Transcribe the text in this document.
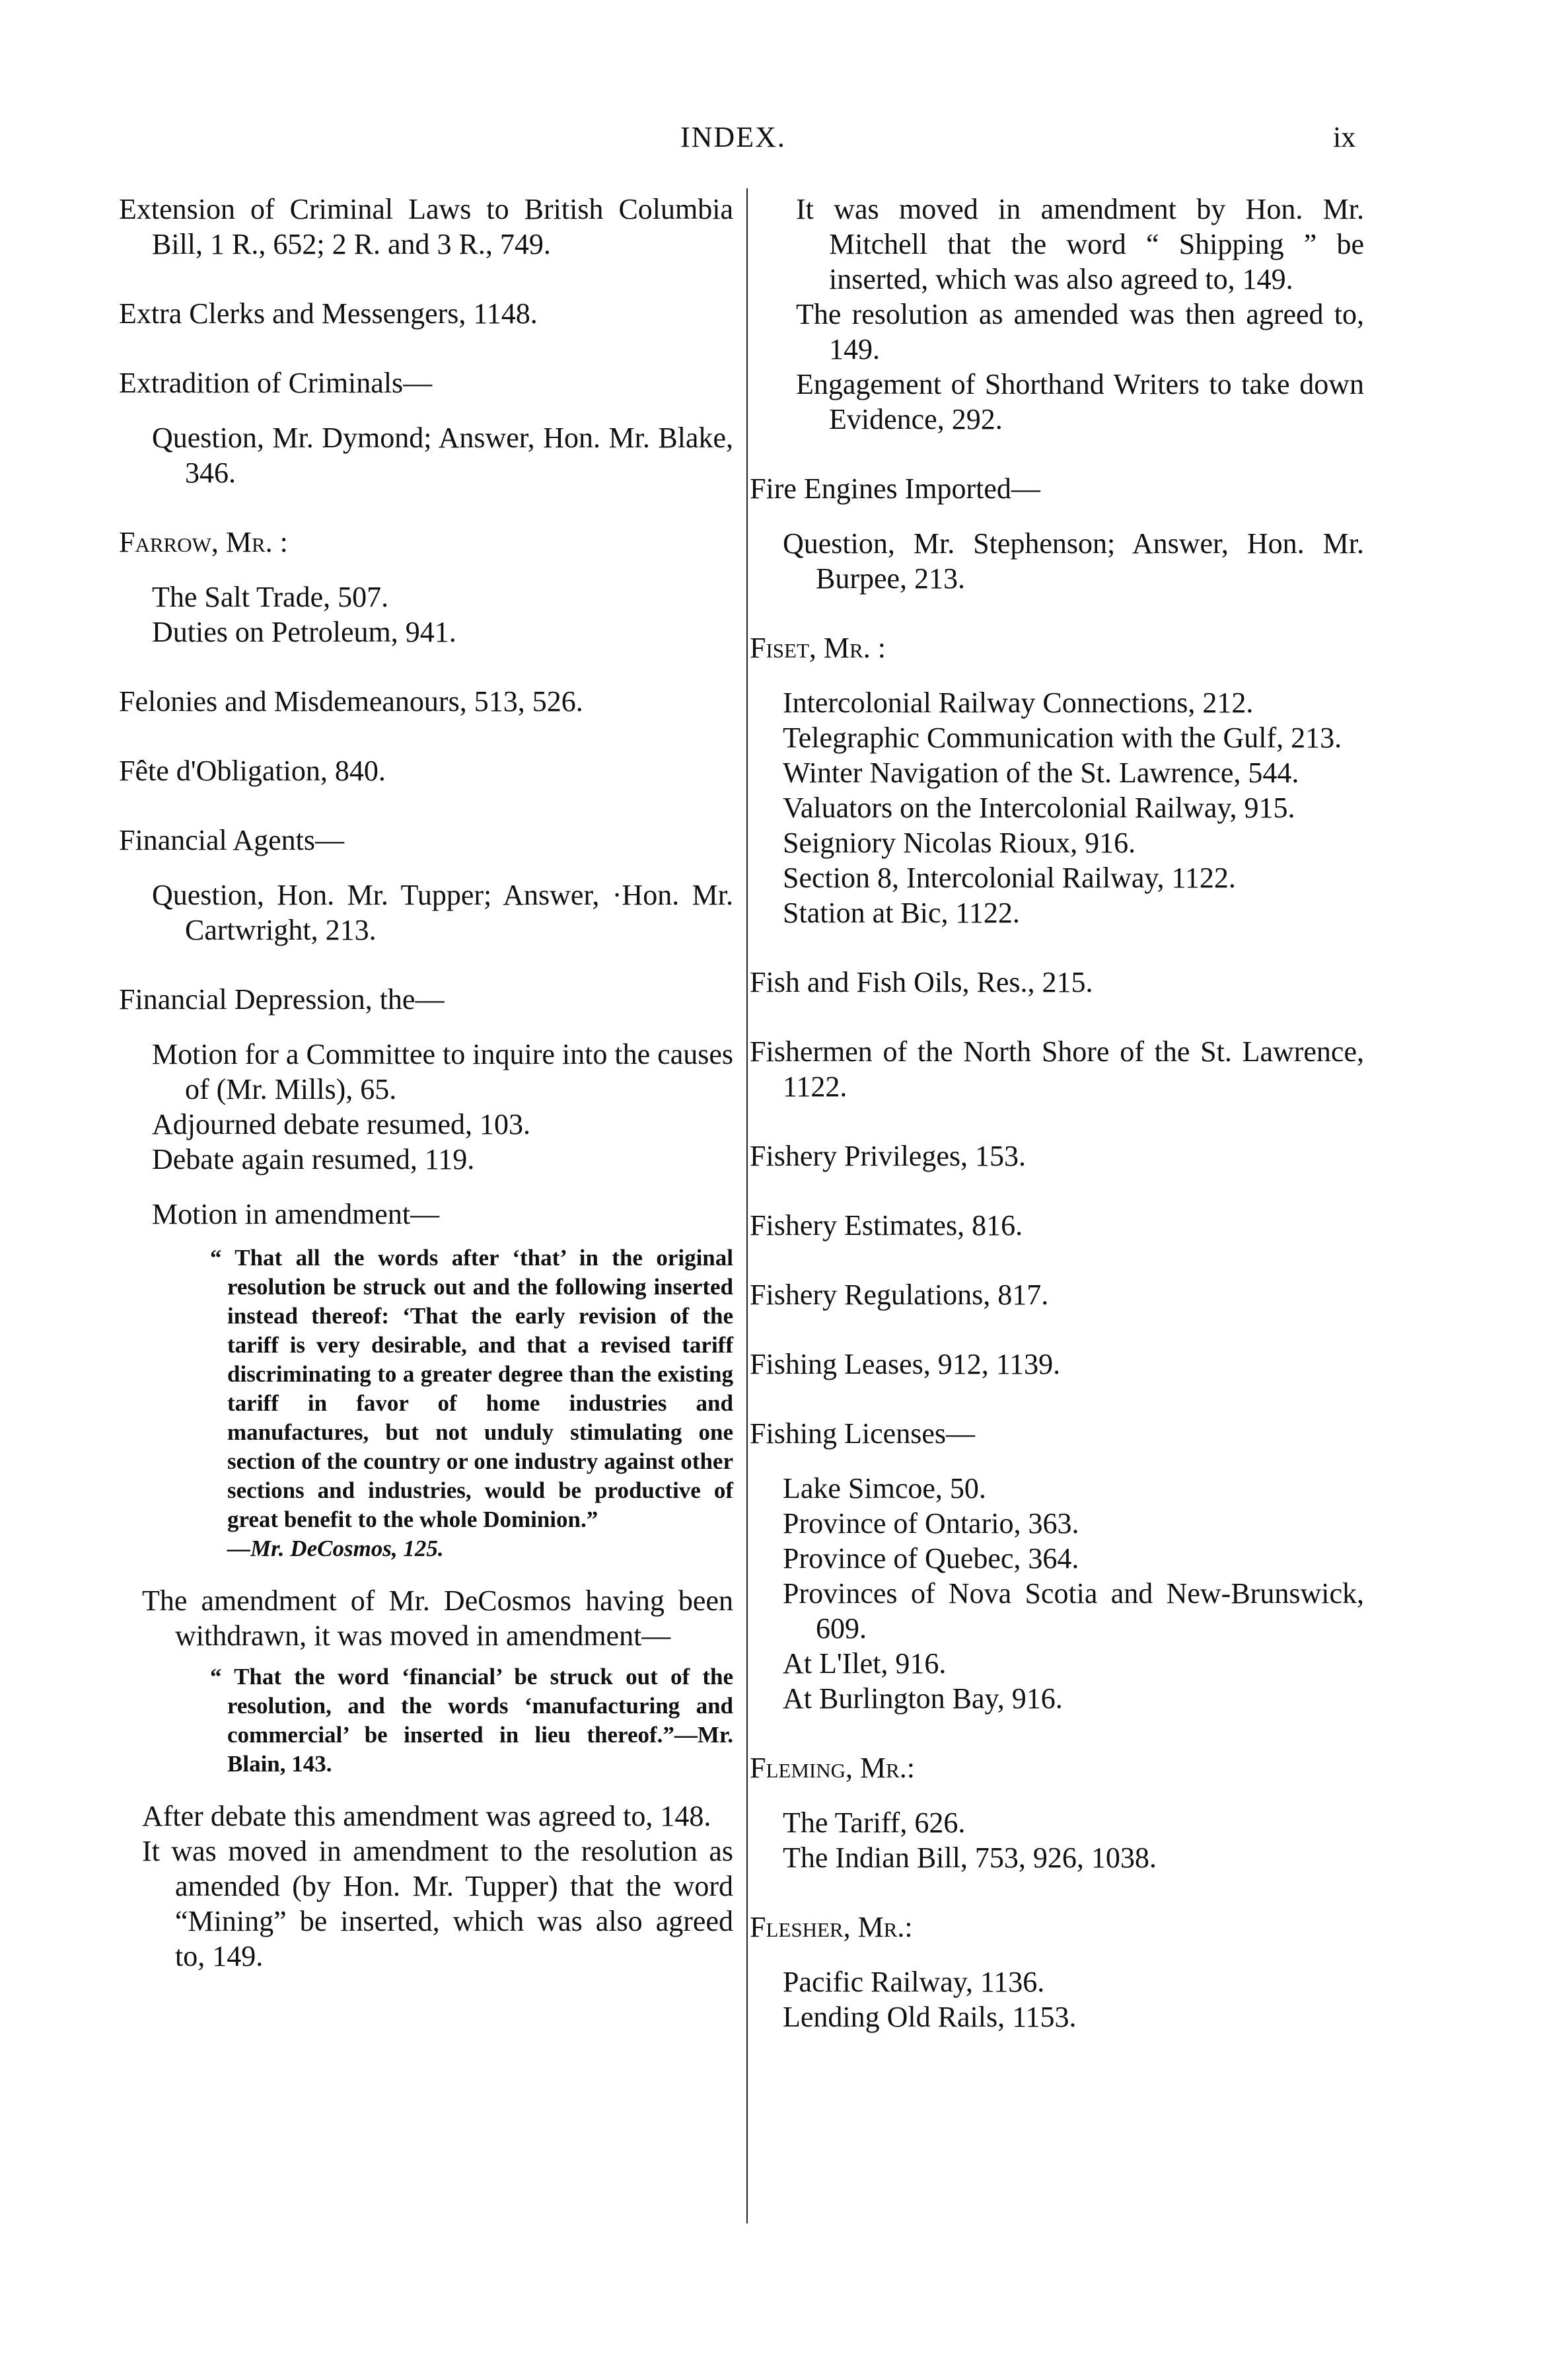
INDEX.	ix
Extension of Criminal Laws to British Columbia Bill, 1 R., 652; 2 R. and 3 R., 749.
Extra Clerks and Messengers, 1148.
Extradition of Criminals—
Question, Mr. Dymond; Answer, Hon. Mr. Blake, 346.
Farrow, Mr. :
The Salt Trade, 507.
Duties on Petroleum, 941.
Felonies and Misdemeanours, 513, 526.
Fête d'Obligation, 840.
Financial Agents—
Question, Hon. Mr. Tupper; Answer, ·Hon. Mr. Cartwright, 213.
Financial Depression, the—
Motion for a Committee to inquire into the causes of (Mr. Mills), 65.
Adjourned debate resumed, 103.
Debate again resumed, 119.
Motion in amendment—
“ That all the words after ‘that’ in the original resolution be struck out and the following inserted instead thereof: ‘That the early revision of the tariff is very desirable, and that a revised tariff discriminating to a greater degree than the existing tariff in favor of home industries and manufactures, but not unduly stimulating one section of the country or one industry against other sections and industries, would be productive of great benefit to the whole Dominion.”
—Mr. DeCosmos, 125.
The amendment of Mr. DeCosmos having been withdrawn, it was moved in amendment—
“ That the word ‘financial’ be struck out of the resolution, and the words ‘manufacturing and commercial’ be inserted in lieu thereof.”—Mr. Blain, 143.
After debate this amendment was agreed to, 148.
It was moved in amendment to the resolution as amended (by Hon. Mr. Tupper) that the word “Mining” be inserted, which was also agreed to, 149.
It was moved in amendment by Hon. Mr. Mitchell that the word “ Shipping ” be inserted, which was also agreed to, 149.
The resolution as amended was then agreed to, 149.
Engagement of Shorthand Writers to take down Evidence, 292.
Fire Engines Imported—
Question, Mr. Stephenson; Answer, Hon. Mr. Burpee, 213.
Fiset, Mr. :
Intercolonial Railway Connections, 212.
Telegraphic Communication with the Gulf, 213.
Winter Navigation of the St. Lawrence, 544.
Valuators on the Intercolonial Railway, 915.
Seigniory Nicolas Rioux, 916.
Section 8, Intercolonial Railway, 1122.
Station at Bic, 1122.
Fish and Fish Oils, Res., 215.
Fishermen of the North Shore of the St. Lawrence, 1122.
Fishery Privileges, 153.
Fishery Estimates, 816.
Fishery Regulations, 817.
Fishing Leases, 912, 1139.
Fishing Licenses—
Lake Simcoe, 50.
Province of Ontario, 363.
Province of Quebec, 364.
Provinces of Nova Scotia and New-Brunswick, 609.
At L'Ilet, 916.
At Burlington Bay, 916.
Fleming, Mr.:
The Tariff, 626.
The Indian Bill, 753, 926, 1038.
Flesher, Mr.:
Pacific Railway, 1136.
Lending Old Rails, 1153.
